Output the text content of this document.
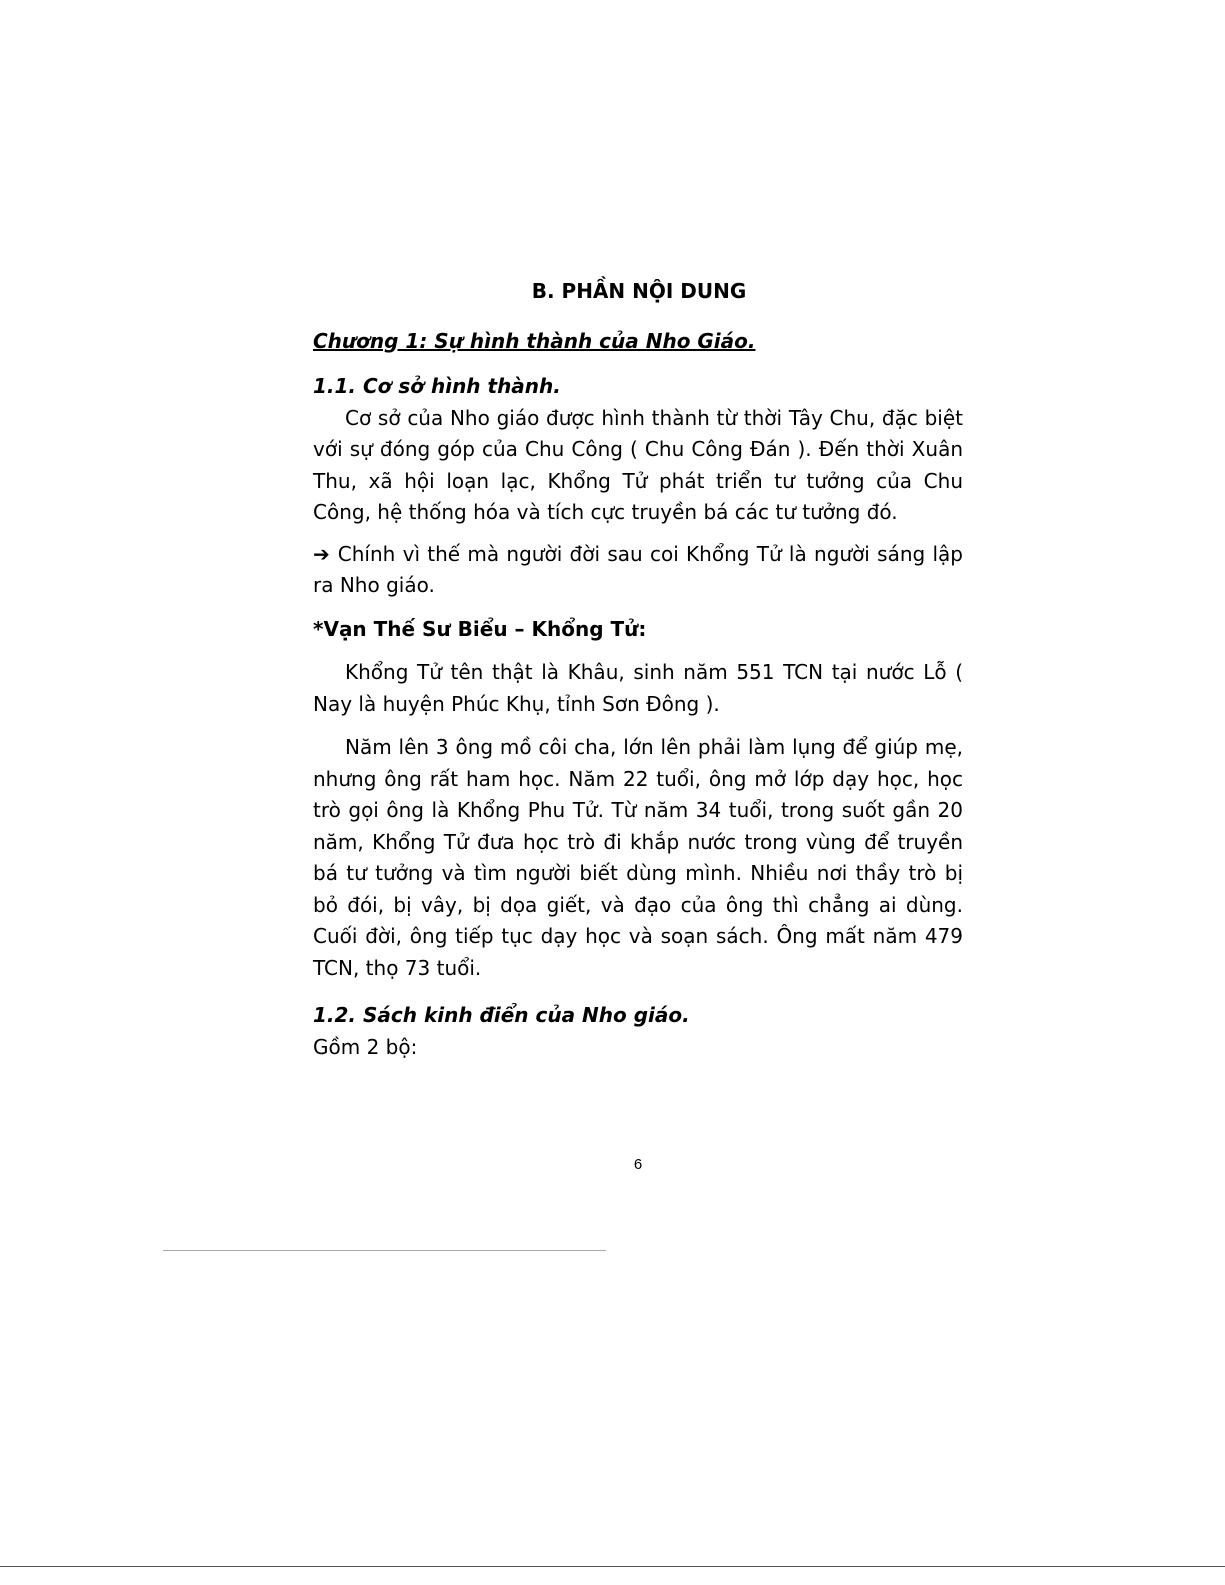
B. PHẦN NỘI DUNG

Chương 1: Sự hình thành của Nho Giáo.

1.1. Cơ sở hình thành.

Cơ sở của Nho giáo được hình thành từ thời Tây Chu, đặc biệt với sự đóng góp của Chu Công ( Chu Công Đán ). Đến thời Xuân Thu, xã hội loạn lạc, Khổng Tử phát triển tư tưởng của Chu Công, hệ thống hóa và tích cực truyền bá các tư tưởng đó.

➔ Chính vì thế mà người đời sau coi Khổng Tử là người sáng lập ra Nho giáo.

*Vạn Thế Sư Biểu – Khổng Tử:

Khổng Tử tên thật là Khâu, sinh năm 551 TCN tại nước Lỗ ( Nay là huyện Phúc Khụ, tỉnh Sơn Đông ).

Năm lên 3 ông mồ côi cha, lớn lên phải làm lụng để giúp mẹ, nhưng ông rất ham học. Năm 22 tuổi, ông mở lớp dạy học, học trò gọi ông là Khổng Phu Tử. Từ năm 34 tuổi, trong suốt gần 20 năm, Khổng Tử đưa học trò đi khắp nước trong vùng để truyền bá tư tưởng và tìm người biết dùng mình. Nhiều nơi thầy trò bị bỏ đói, bị vây, bị dọa giết, và đạo của ông thì chẳng ai dùng. Cuối đời, ông tiếp tục dạy học và soạn sách. Ông mất năm 479 TCN, thọ 73 tuổi.

1.2. Sách kinh điển của Nho giáo.

Gồm 2 bộ:

6
